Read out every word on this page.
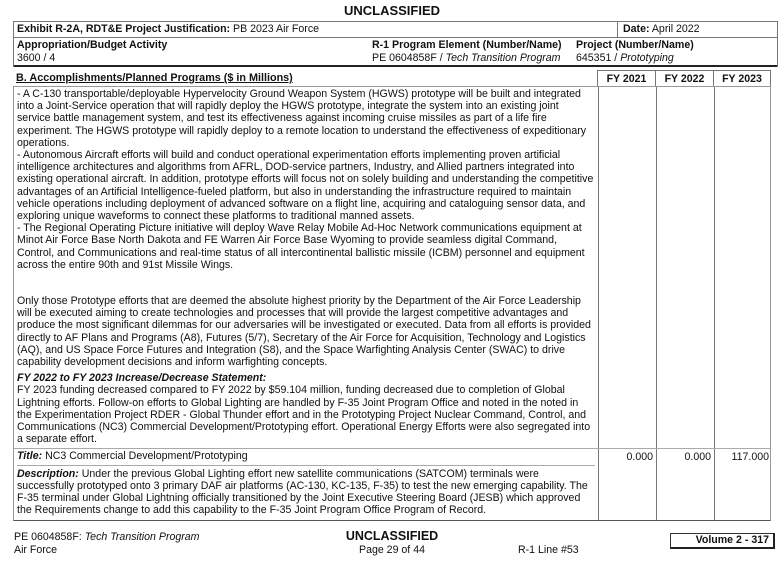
UNCLASSIFIED
Exhibit R-2A, RDT&E Project Justification: PB 2023 Air Force	Date: April 2022
Appropriation/Budget Activity
3600 / 4
R-1 Program Element (Number/Name)
PE 0604858F / Tech Transition Program
Project (Number/Name)
645351 / Prototyping
B. Accomplishments/Planned Programs ($ in Millions)	FY 2021	FY 2022	FY 2023

- A C-130 transportable/deployable Hypervelocity Ground Weapon System (HGWS) prototype will be built and integrated into a Joint-Service operation that will rapidly deploy the HGWS prototype, integrate the system into an existing joint service battle management system, and test its effectiveness against incoming cruise missiles as part of a life fire experiment. The HGWS prototype will rapidly deploy to a remote location to understand the effectiveness of expeditionary operations.

- Autonomous Aircraft efforts will build and conduct operational experimentation efforts implementing proven artificial intelligence architectures and algorithms from AFRL, DOD-service partners, Industry, and Allied partners integrated into existing operational aircraft. In addition, prototype efforts will focus not on solely building and understanding the competitive advantages of an Artificial Intelligence-fueled platform, but also in understanding the infrastructure required to maintain vehicle operations including deployment of advanced software on a flight line, acquiring and cataloguing sensor data, and exploring unique waveforms to connect these platforms to traditional manned assets.

- The Regional Operating Picture initiative will deploy Wave Relay Mobile Ad-Hoc Network communications equipment at Minot Air Force Base North Dakota and FE Warren Air Force Base Wyoming to provide seamless digital Command, Control, and Communications and real-time status of all intercontinental ballistic missile (ICBM) personnel and equipment across the entire 90th and 91st Missile Wings.

Only those Prototype efforts that are deemed the absolute highest priority by the Department of the Air Force Leadership will be executed aiming to create technologies and processes that will provide the largest competitive advantages and produce the most significant dilemmas for our adversaries will be investigated or executed. Data from all efforts is provided directly to AF Plans and Programs (A8), Futures (5/7), Secretary of the Air Force for Acquisition, Technology and Logistics (AQ), and US Space Force Futures and Integration (S8), and the Space Warfighting Analysis Center (SWAC) to drive capability development decisions and inform warfighting concepts.

FY 2022 to FY 2023 Increase/Decrease Statement:

FY 2023 funding decreased compared to FY 2022 by $59.104 million, funding decreased due to completion of Global Lightning efforts. Follow-on efforts to Global Lighting are handled by F-35 Joint Program Office and noted in the noted in the Experimentation Project RDER - Global Thunder effort and in the Prototyping Project Nuclear Command, Control, and Communications (NC3) Commercial Development/Prototyping effort. Operational Energy Efforts were also segregated into a separate effort.

Title: NC3 Commercial Development/Prototyping
Description: Under the previous Global Lighting effort new satellite communications (SATCOM) terminals were successfully prototyped onto 3 primary DAF air platforms (AC-130, KC-135, F-35) to test the new emerging capability. The F-35 terminal under Global Lightning officially transitioned by the Joint Executive Steering Board (JESB) which approved the Requirements change to add this capability to the F-35 Joint Program Office Program of Record.
0.000	0.000	117.000
PE 0604858F: Tech Transition Program
Air Force
UNCLASSIFIED
Page 29 of 44	R-1 Line #53
Volume 2 - 317
